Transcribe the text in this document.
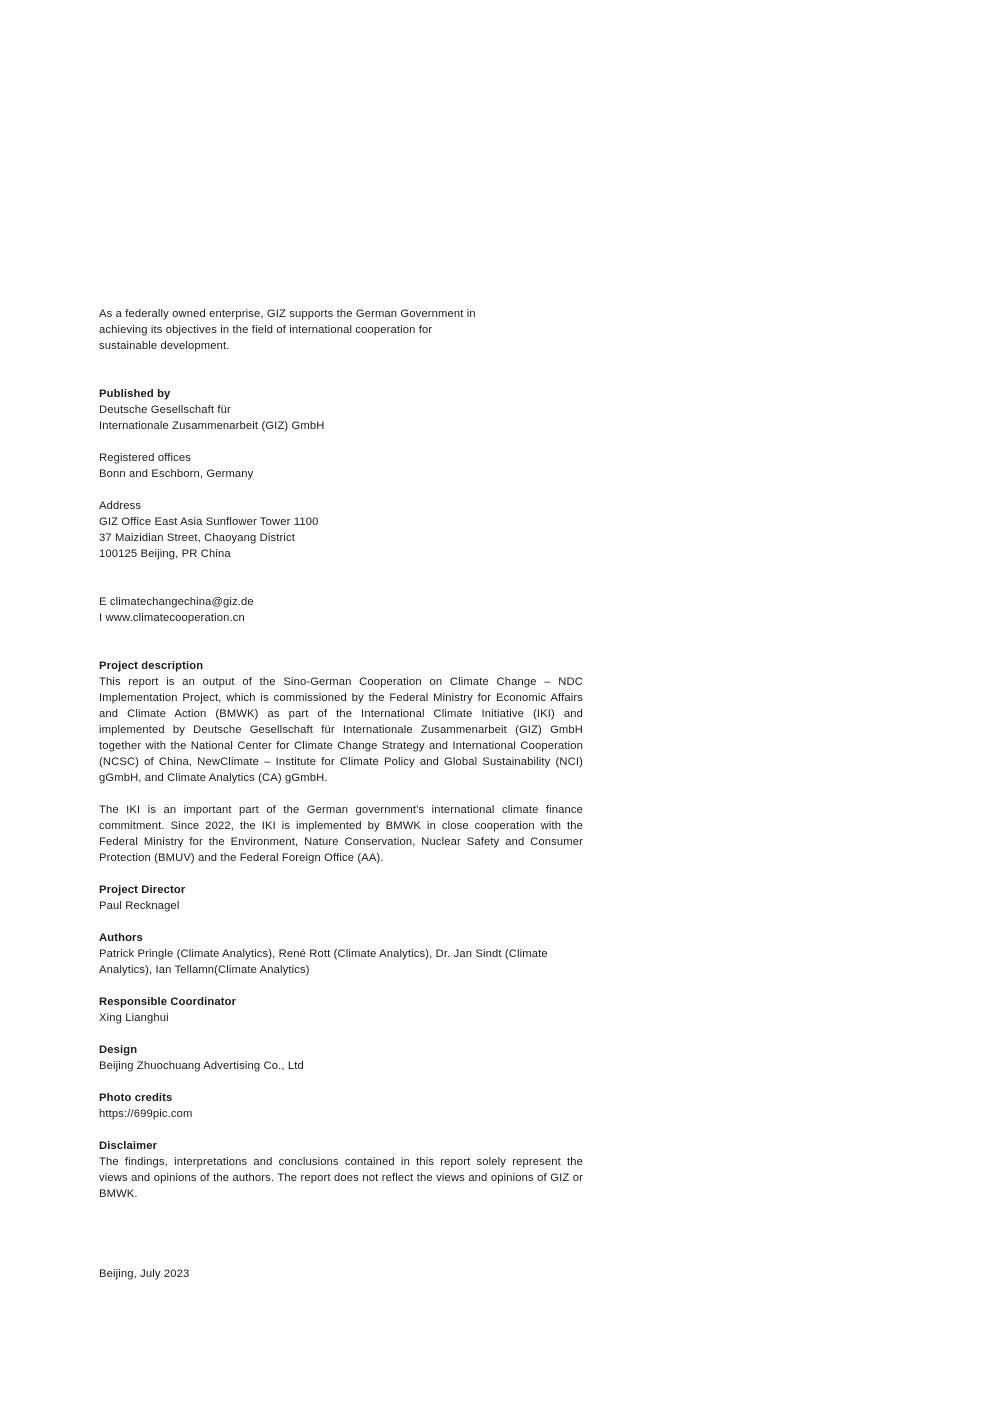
As a federally owned enterprise, GIZ supports the German Government in achieving its objectives in the field of international cooperation for sustainable development.

Published by

Deutsche Gesellschaft für

Internationale Zusammenarbeit (GIZ) GmbH

Registered offices

Bonn and Eschborn, Germany

Address

GIZ Office East Asia Sunflower Tower 1100

37 Maizidian Street, Chaoyang District

100125 Beijing, PR China

E climatechangechina@giz.de

I www.climatecooperation.cn

Project description

This report is an output of the Sino-German Cooperation on Climate Change – NDC Implementation Project, which is commissioned by the Federal Ministry for Economic Affairs and Climate Action (BMWK) as part of the International Climate Initiative (IKI) and implemented by Deutsche Gesellschaft für Internationale Zusammenarbeit (GIZ) GmbH together with the National Center for Climate Change Strategy and International Cooperation (NCSC) of China, NewClimate – Institute for Climate Policy and Global Sustainability (NCI) gGmbH, and Climate Analytics (CA) gGmbH.

The IKI is an important part of the German government’s international climate finance commitment. Since 2022, the IKI is implemented by BMWK in close cooperation with the Federal Ministry for the Environment, Nature Conservation, Nuclear Safety and Consumer Protection (BMUV) and the Federal Foreign Office (AA).

Project Director

Paul Recknagel

Authors

Patrick Pringle (Climate Analytics), René Rott (Climate Analytics), Dr. Jan Sindt (Climate Analytics), Ian Tellamn(Climate Analytics)

Responsible Coordinator

Xing Lianghui

Design

Beijing Zhuochuang Advertising Co., Ltd

Photo credits

https://699pic.com

Disclaimer

The findings, interpretations and conclusions contained in this report solely represent the views and opinions of the authors. The report does not reflect the views and opinions of GIZ or BMWK.

Beijing, July 2023
